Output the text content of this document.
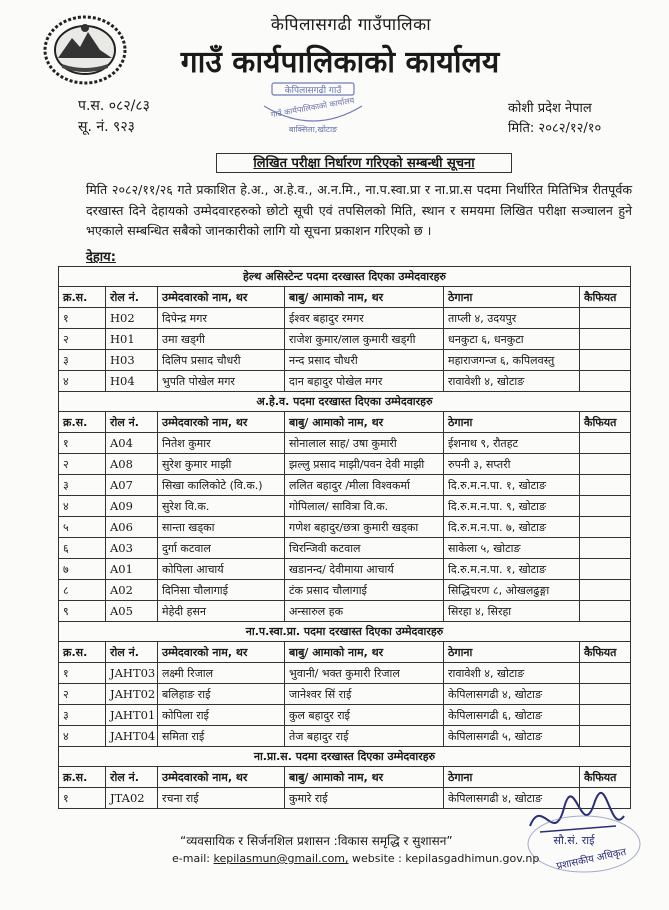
केपिलासगढी गाउँपालिका
गाउँ कार्यपालिकाको कार्यालय
प.स. ०८२/८३
सू. नं. ९२३
कोशी प्रदेश नेपाल
मिति: २०८२/१२/१०
केपिलासगढी गाउँ
गाउँ कार्यपालिकाको कार्यालय
बाक्सिला,खोटाङ
लिखित परीक्षा निर्धारण गरिएको सम्बन्धी सूचना
मिति २०८२/११/२६ गते प्रकाशित हे.अ., अ.हे.व., अ.न.मि., ना.प.स्वा.प्रा र ना.प्रा.स पदमा निर्धारित मितिभित्र रीतपूर्वक दरखास्त दिने देहायको उम्मेदवारहरुको छोटो सूची एवं तपसिलको मिति, स्थान र समयमा लिखित परीक्षा सञ्चालन हुने भएकाले सम्बन्धित सबैको जानकारीको लागि यो सूचना प्रकाशन गरिएको छ ।
देहाय:
हेल्थ असिस्टेन्ट पदमा दरखास्त दिएका उम्मेदवारहरु					
क्र.स.	रोल नं.	उम्मेदवारको नाम, थर	बाबु/ आमाको नाम, थर	ठेगाना	कैफियत
१	H02	दिपेन्द्र मगर	ईश्वर बहादुर रमगर	ताप्ली ४, उदयपुर	
२	H01	उमा खड्गी	राजेश कुमार/लाल कुमारी खड्गी	धनकुटा ६, धनकुटा	
३	H03	दिलिप प्रसाद चौधरी	नन्द प्रसाद चौधरी	महाराजगन्ज ६, कपिलवस्तु	
४	H04	भुपति पोखेल मगर	दान बहादुर पोखेल मगर	रावावेशी ४, खोटाङ	
अ.हे.व. पदमा दरखास्त दिएका उम्मेदवारहरु					
क्र.स.	रोल नं.	उम्मेदवारको नाम, थर	बाबु/ आमाको नाम, थर	ठेगाना	कैफियत
१	A04	नितेश कुमार	सोनालाल साह/ उषा कुमारी	ईशनाथ ९, रौतहट	
२	A08	सुरेश कुमार माझी	झल्लु प्रसाद माझी/पवन देवी माझी	रुपनी ३, सप्तरी	
३	A07	सिखा कालिकोटे (वि.क.)	ललित बहादुर /मीला विश्वकर्मा	दि.रु.म.न.पा. १, खोटाङ	
४	A09	सुरेश वि.क.	गोपिलाल/ सावित्रा वि.क.	दि.रु.म.न.पा. ९, खोटाङ	
५	A06	सान्ता खड्का	गणेश बहादुर/छत्रा कुमारी खड्का	दि.रु.म.न.पा. ७, खोटाङ	
६	A03	दुर्गा कटवाल	चिरन्जिवी कटवाल	साकेला ५, खोटाङ	
७	A01	कोपिला आचार्य	खडानन्द/ देवीमाया आचार्य	दि.रु.म.न.पा. १, खोटाङ	
८	A02	दिनिसा चौलागाई	टंक प्रसाद चौलागाई	सिद्धिचरण ८, ओखलढुङ्गा	
९	A05	मेहेदी हसन	अन्सारुल हक	सिरहा ४, सिरहा	
ना.प.स्वा.प्रा. पदमा दरखास्त दिएका उम्मेदवारहरु					
क्र.स.	रोल नं.	उम्मेदवारको नाम, थर	बाबु/ आमाको नाम, थर	ठेगाना	कैफियत
१	JAHT03	लक्ष्मी रिजाल	भुवानी/ भक्त कुमारी रिजाल	रावावेशी ४, खोटाङ	
२	JAHT02	बलिहाङ राई	जानेश्वर सिं राई	केपिलासगढी ४, खोटाङ	
३	JAHT01	कोपिला राई	कुल बहादुर राई	केपिलासगढी ६, खोटाङ	
४	JAHT04	समिता राई	तेज बहादुर राई	केपिलासगढी ५, खोटाङ	
ना.प्रा.स. पदमा दरखास्त दिएका उम्मेदवारहरु					
क्र.स.	रोल नं.	उम्मेदवारको नाम, थर	बाबु/ आमाको नाम, थर	ठेगाना	कैफियत
१	JTA02	रचना राई	कुमारे राई	केपिलासगढी ४, खोटाङ	
सौ.सं. राई
प्रशासकीय अधिकृत
“व्यवसायिक र सिर्जनशिल प्रशासन :विकास समृद्धि र सुशासन”
e-mail: kepilasmun@gmail.com, website : kepilasgadhimun.gov.np
